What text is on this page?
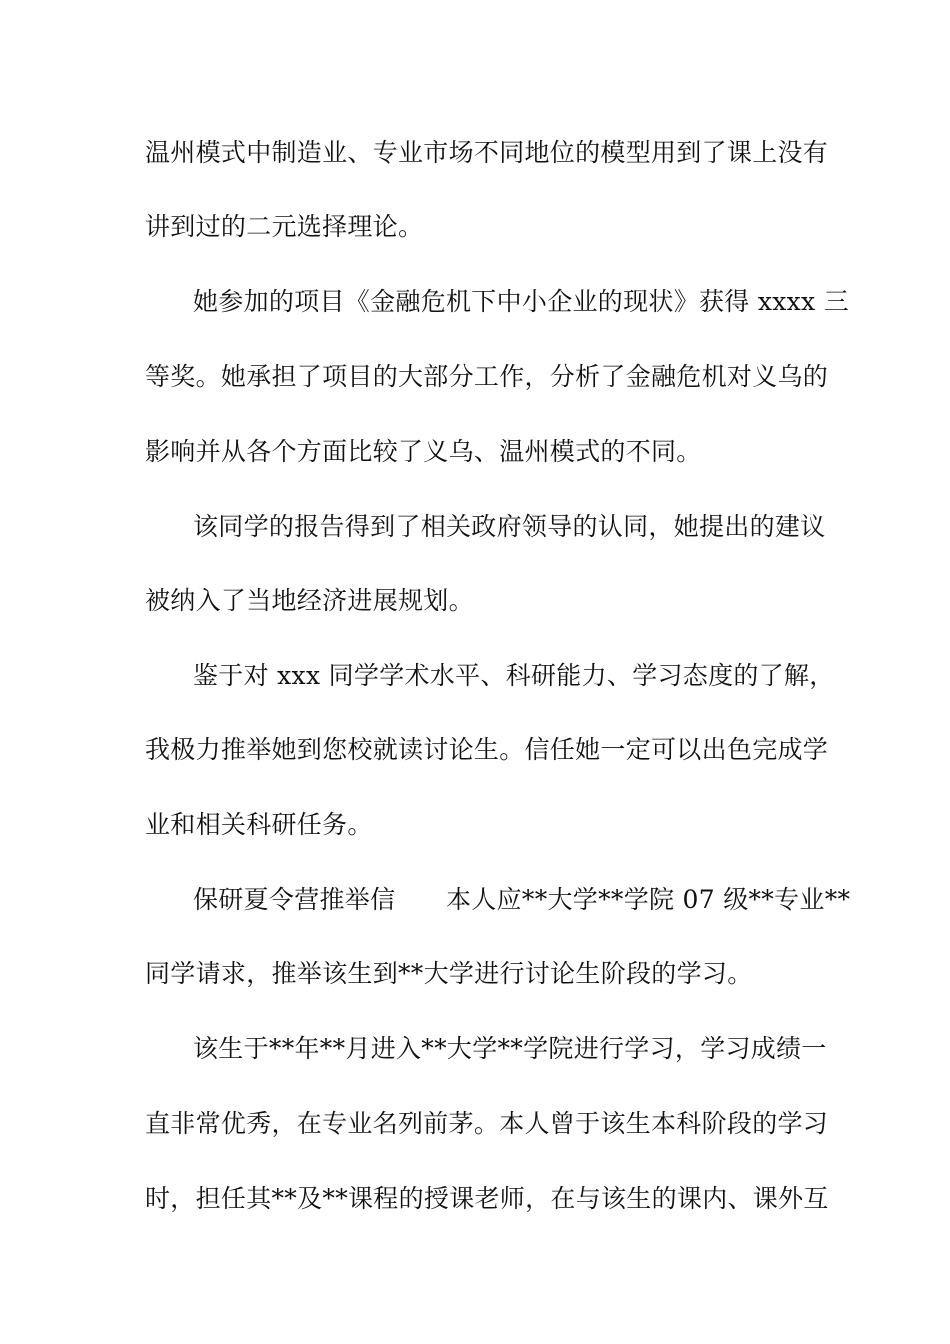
温州模式中制造业、专业市场不同地位的模型用到了课上没有
讲到过的二元选择理论。
她参加的项目《金融危机下中小企业的现状》获得 xxxx 三
等奖。她承担了项目的大部分工作，分析了金融危机对义乌的
影响并从各个方面比较了义乌、温州模式的不同。
该同学的报告得到了相关政府领导的认同，她提出的建议
被纳入了当地经济进展规划。
鉴于对 xxx 同学学术水平、科研能力、学习态度的了解，
我极力推举她到您校就读讨论生。信任她一定可以出色完成学
业和相关科研任务。
保研夏令营推举信　　本人应**大学**学院 07 级**专业**
同学请求，推举该生到**大学进行讨论生阶段的学习。
该生于**年**月进入**大学**学院进行学习，学习成绩一
直非常优秀，在专业名列前茅。本人曾于该生本科阶段的学习
时，担任其**及**课程的授课老师，在与该生的课内、课外互
